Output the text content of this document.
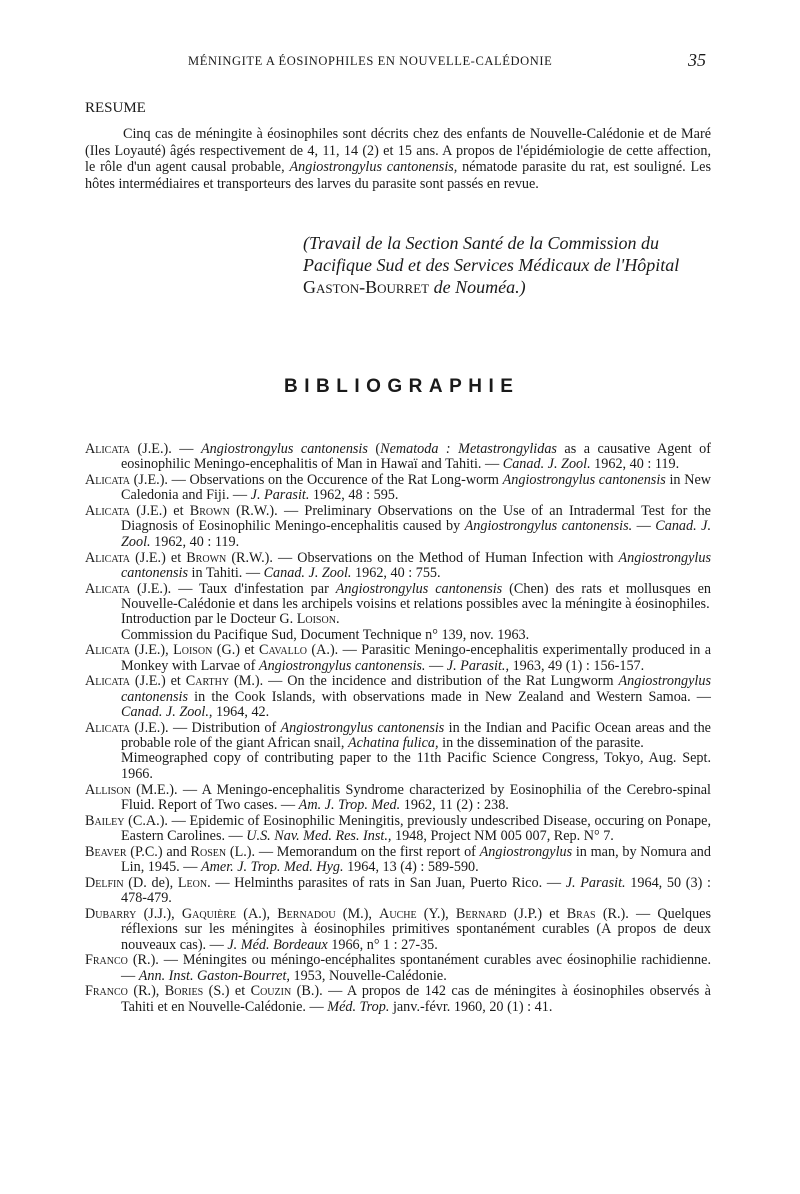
MÉNINGITE A ÉOSINOPHILES EN NOUVELLE-CALÉDONIE	35
RESUME

Cinq cas de méningite à éosinophiles sont décrits chez des enfants de Nouvelle-Calédonie et de Maré (Iles Loyauté) âgés respectivement de 4, 11, 14 (2) et 15 ans. A propos de l'épidémiologie de cette affection, le rôle d'un agent causal probable, Angiostrongylus cantonensis, nématode parasite du rat, est souligné. Les hôtes intermédiaires et transporteurs des larves du parasite sont passés en revue.

(Travail de la Section Santé de la Commission du Pacifique Sud et des Services Médicaux de l'Hôpital Gaston-Bourret de Nouméa.)

BIBLIOGRAPHIE
Alicata (J.E.). — Angiostrongylus cantonensis (Nematoda : Metastrongylidas as a causative Agent of eosinophilic Meningo-encephalitis of Man in Hawaï and Tahiti. — Canad. J. Zool. 1962, 40 : 119.
Alicata (J.E.). — Observations on the Occurence of the Rat Long-worm Angiostrongylus cantonensis in New Caledonia and Fiji. — J. Parasit. 1962, 48 : 595.
Alicata (J.E.) et Brown (R.W.). — Preliminary Observations on the Use of an Intradermal Test for the Diagnosis of Eosinophilic Meningo-encephalitis caused by Angiostrongylus cantonensis. — Canad. J. Zool. 1962, 40 : 119.
Alicata (J.E.) et Brown (R.W.). — Observations on the Method of Human Infection with Angiostrongylus cantonensis in Tahiti. — Canad. J. Zool. 1962, 40 : 755.
Alicata (J.E.). — Taux d'infestation par Angiostrongylus cantonensis (Chen) des rats et mollusques en Nouvelle-Calédonie et dans les archipels voisins et relations possibles avec la méningite à éosinophiles.
Introduction par le Docteur G. Loison.
Commission du Pacifique Sud, Document Technique n° 139, nov. 1963.
Alicata (J.E.), Loison (G.) et Cavallo (A.). — Parasitic Meningo-encephalitis experimentally produced in a Monkey with Larvae of Angiostrongylus cantonensis. — J. Parasit., 1963, 49 (1) : 156-157.
Alicata (J.E.) et Carthy (M.). — On the incidence and distribution of the Rat Lungworm Angiostrongylus cantonensis in the Cook Islands, with observations made in New Zealand and Western Samoa. — Canad. J. Zool., 1964, 42.
Alicata (J.E.). — Distribution of Angiostrongylus cantonensis in the Indian and Pacific Ocean areas and the probable role of the giant African snail, Achatina fulica, in the dissemination of the parasite.
Mimeographed copy of contributing paper to the 11th Pacific Science Congress, Tokyo, Aug. Sept. 1966.
Allison (M.E.). — A Meningo-encephalitis Syndrome characterized by Eosinophilia of the Cerebro-spinal Fluid. Report of Two cases. — Am. J. Trop. Med. 1962, 11 (2) : 238.
Bailey (C.A.). — Epidemic of Eosinophilic Meningitis, previously undescribed Disease, occuring on Ponape, Eastern Carolines. — U.S. Nav. Med. Res. Inst., 1948, Project NM 005 007, Rep. N° 7.
Beaver (P.C.) and Rosen (L.). — Memorandum on the first report of Angiostrongylus in man, by Nomura and Lin, 1945. — Amer. J. Trop. Med. Hyg. 1964, 13 (4) : 589-590.
Delfin (D. de), Leon. — Helminths parasites of rats in San Juan, Puerto Rico. — J. Parasit. 1964, 50 (3) : 478-479.
Dubarry (J.J.), Gaquière (A.), Bernadou (M.), Auche (Y.), Bernard (J.P.) et Bras (R.). — Quelques réflexions sur les méningites à éosinophiles primitives spontanément curables (A propos de deux nouveaux cas). — J. Méd. Bordeaux 1966, n° 1 : 27-35.
Franco (R.). — Méningites ou méningo-encéphalites spontanément curables avec éosinophilie rachidienne. — Ann. Inst. Gaston-Bourret, 1953, Nouvelle-Calédonie.
Franco (R.), Bories (S.) et Couzin (B.). — A propos de 142 cas de méningites à éosinophiles observés à Tahiti et en Nouvelle-Calédonie. — Méd. Trop. janv.-févr. 1960, 20 (1) : 41.
